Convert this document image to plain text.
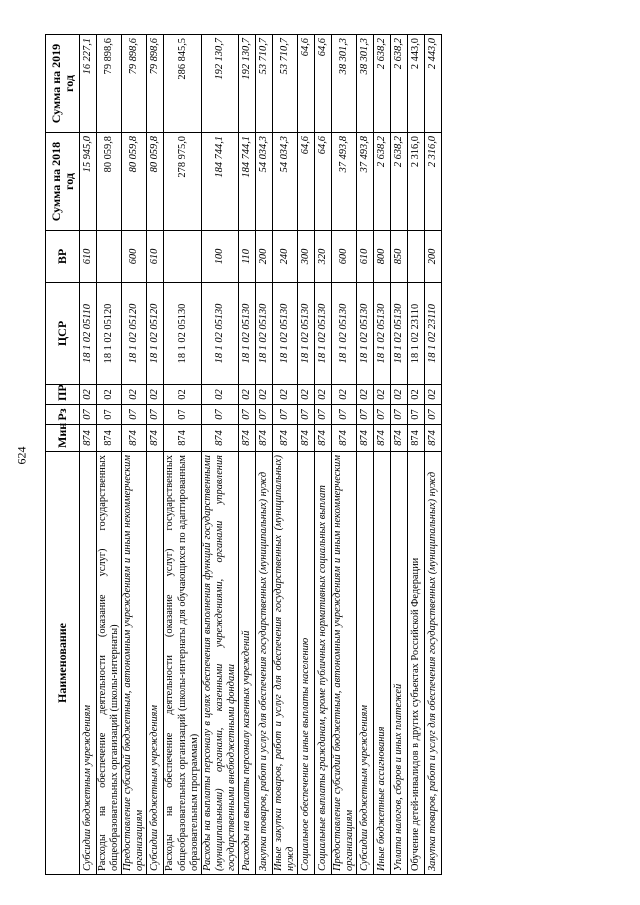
624
Наименование	Мин	Рз	ПР	ЦСР	ВР	Сумма на 2018 год	Сумма на 2019 год
Субсидии бюджетным учреждениям	874	07	02	18 1 02 05110	610	15 945,0	16 227,1
Расходы на обеспечение деятельности (оказание услуг) государственных общеобразовательных организаций (школы-интернаты)	874	07	02	18 1 02 05120		80 059,8	79 898,6
Предоставление субсидий бюджетным, автономным учреждениям и иным некоммерческим организациям	874	07	02	18 1 02 05120	600	80 059,8	79 898,6
Субсидии бюджетным учреждениям	874	07	02	18 1 02 05120	610	80 059,8	79 898,6
Расходы на обеспечение деятельности (оказание услуг) государственных общеобразовательных организаций (школы-интернаты для обучающихся по адаптированным образовательным программам)	874	07	02	18 1 02 05130		278 975,0	286 845,5
Расходы на выплаты персоналу в целях обеспечения выполнения функций государственными (муниципальными) органами, казенными учреждениями, органами управления государственными внебюджетными фондами	874	07	02	18 1 02 05130	100	184 744,1	192 130,7
Расходы на выплаты персоналу казенных учреждений	874	07	02	18 1 02 05130	110	184 744,1	192 130,7
Закупка товаров, работ и услуг для обеспечения государственных (муниципальных) нужд	874	07	02	18 1 02 05130	200	54 034,3	53 710,7
Иные закупки товаров, работ и услуг для обеспечения государственных (муниципальных) нужд	874	07	02	18 1 02 05130	240	54 034,3	53 710,7
Социальное обеспечение и иные выплаты населению	874	07	02	18 1 02 05130	300	64,6	64,6
Социальные выплаты гражданам, кроме публичных нормативных социальных выплат	874	07	02	18 1 02 05130	320	64,6	64,6
Предоставление субсидий бюджетным, автономным учреждениям и иным некоммерческим организациям	874	07	02	18 1 02 05130	600	37 493,8	38 301,3
Субсидии бюджетным учреждениям	874	07	02	18 1 02 05130	610	37 493,8	38 301,3
Иные бюджетные ассигнования	874	07	02	18 1 02 05130	800	2 638,2	2 638,2
Уплата налогов, сборов и иных платежей	874	07	02	18 1 02 05130	850	2 638,2	2 638,2
Обучение детей-инвалидов в других субъектах Российской Федерации	874	07	02	18 1 02 23110		2 316,0	2 443,0
Закупка товаров, работ и услуг для обеспечения государственных (муниципальных) нужд	874	07	02	18 1 02 23110	200	2 316,0	2 443,0
